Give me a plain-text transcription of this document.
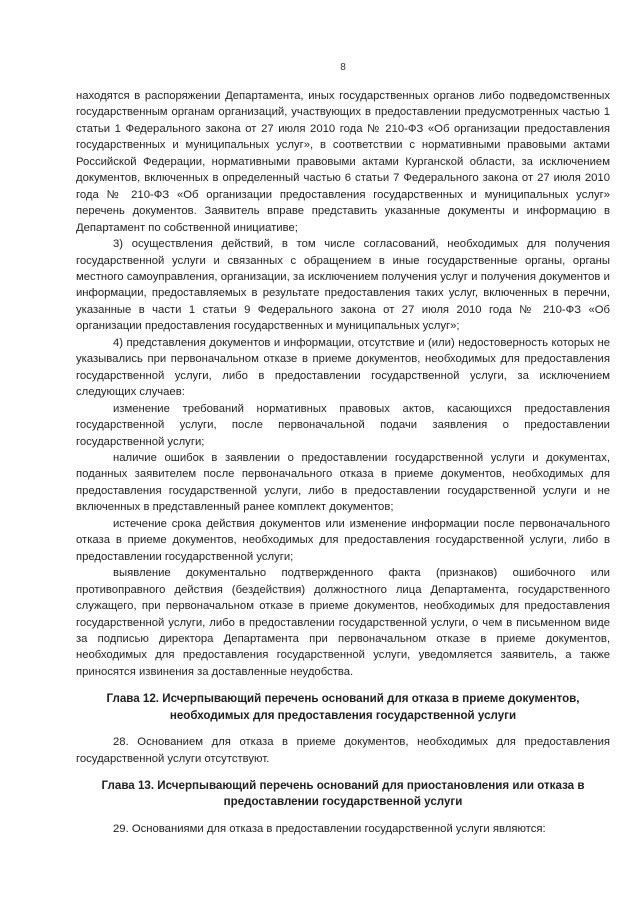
8

находятся в распоряжении Департамента, иных государственных органов либо подведомственных государственным органам организаций, участвующих в предоставлении предусмотренных частью 1 статьи 1 Федерального закона от 27 июля 2010 года № 210-ФЗ «Об организации предоставления государственных и муниципальных услуг», в соответствии с нормативными правовыми актами Российской Федерации, нормативными правовыми актами Курганской области, за исключением документов, включенных в определенный частью 6 статьи 7 Федерального закона от 27 июля 2010 года № 210-ФЗ «Об организации предоставления государственных и муниципальных услуг» перечень документов. Заявитель вправе представить указанные документы и информацию в Департамент по собственной инициативе;

3) осуществления действий, в том числе согласований, необходимых для получения государственной услуги и связанных с обращением в иные государственные органы, органы местного самоуправления, организации, за исключением получения услуг и получения документов и информации, предоставляемых в результате предоставления таких услуг, включенных в перечни, указанные в части 1 статьи 9 Федерального закона от 27 июля 2010 года № 210-ФЗ «Об организации предоставления государственных и муниципальных услуг»;

4) представления документов и информации, отсутствие и (или) недостоверность которых не указывались при первоначальном отказе в приеме документов, необходимых для предоставления государственной услуги, либо в предоставлении государственной услуги, за исключением следующих случаев:

изменение требований нормативных правовых актов, касающихся предоставления государственной услуги, после первоначальной подачи заявления о предоставлении государственной услуги;

наличие ошибок в заявлении о предоставлении государственной услуги и документах, поданных заявителем после первоначального отказа в приеме документов, необходимых для предоставления государственной услуги, либо в предоставлении государственной услуги и не включенных в представленный ранее комплект документов;

истечение срока действия документов или изменение информации после первоначального отказа в приеме документов, необходимых для предоставления государственной услуги, либо в предоставлении государственной услуги;

выявление документально подтвержденного факта (признаков) ошибочного или противоправного действия (бездействия) должностного лица Департамента, государственного служащего, при первоначальном отказе в приеме документов, необходимых для предоставления государственной услуги, либо в предоставлении государственной услуги, о чем в письменном виде за подписью директора Департамента при первоначальном отказе в приеме документов, необходимых для предоставления государственной услуги, уведомляется заявитель, а также приносятся извинения за доставленные неудобства.

Глава 12. Исчерпывающий перечень оснований для отказа в приеме документов, необходимых для предоставления государственной услуги

28. Основанием для отказа в приеме документов, необходимых для предоставления государственной услуги отсутствуют.

Глава 13. Исчерпывающий перечень оснований для приостановления или отказа в предоставлении государственной услуги

29. Основаниями для отказа в предоставлении государственной услуги являются:
